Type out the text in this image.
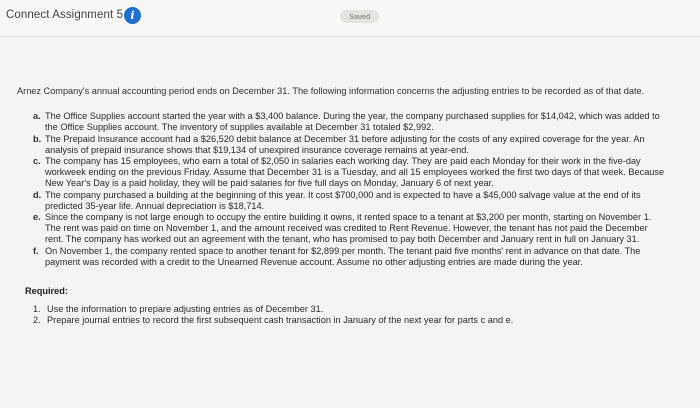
Connect Assignment 5 i	Saved

Arnez Company's annual accounting period ends on December 31. The following information concerns the adjusting entries to be recorded as of that date.

a. The Office Supplies account started the year with a $3,400 balance. During the year, the company purchased supplies for $14,042, which was added to the Office Supplies account. The inventory of supplies available at December 31 totaled $2,992.
b. The Prepaid Insurance account had a $26,520 debit balance at December 31 before adjusting for the costs of any expired coverage for the year. An analysis of prepaid insurance shows that $19,134 of unexpired insurance coverage remains at year-end.
c. The company has 15 employees, who earn a total of $2,050 in salaries each working day. They are paid each Monday for their work in the five-day workweek ending on the previous Friday. Assume that December 31 is a Tuesday, and all 15 employees worked the first two days of that week. Because New Year's Day is a paid holiday, they will be paid salaries for five full days on Monday, January 6 of next year.
d. The company purchased a building at the beginning of this year. It cost $700,000 and is expected to have a $45,000 salvage value at the end of its predicted 35-year life. Annual depreciation is $18,714.
e. Since the company is not large enough to occupy the entire building it owns, it rented space to a tenant at $3,200 per month, starting on November 1. The rent was paid on time on November 1, and the amount received was credited to Rent Revenue. However, the tenant has not paid the December rent. The company has worked out an agreement with the tenant, who has promised to pay both December and January rent in full on January 31.
f. On November 1, the company rented space to another tenant for $2,899 per month. The tenant paid five months' rent in advance on that date. The payment was recorded with a credit to the Unearned Revenue account. Assume no other adjusting entries are made during the year.
Required:
1. Use the information to prepare adjusting entries as of December 31.
2. Prepare journal entries to record the first subsequent cash transaction in January of the next year for parts c and e.
